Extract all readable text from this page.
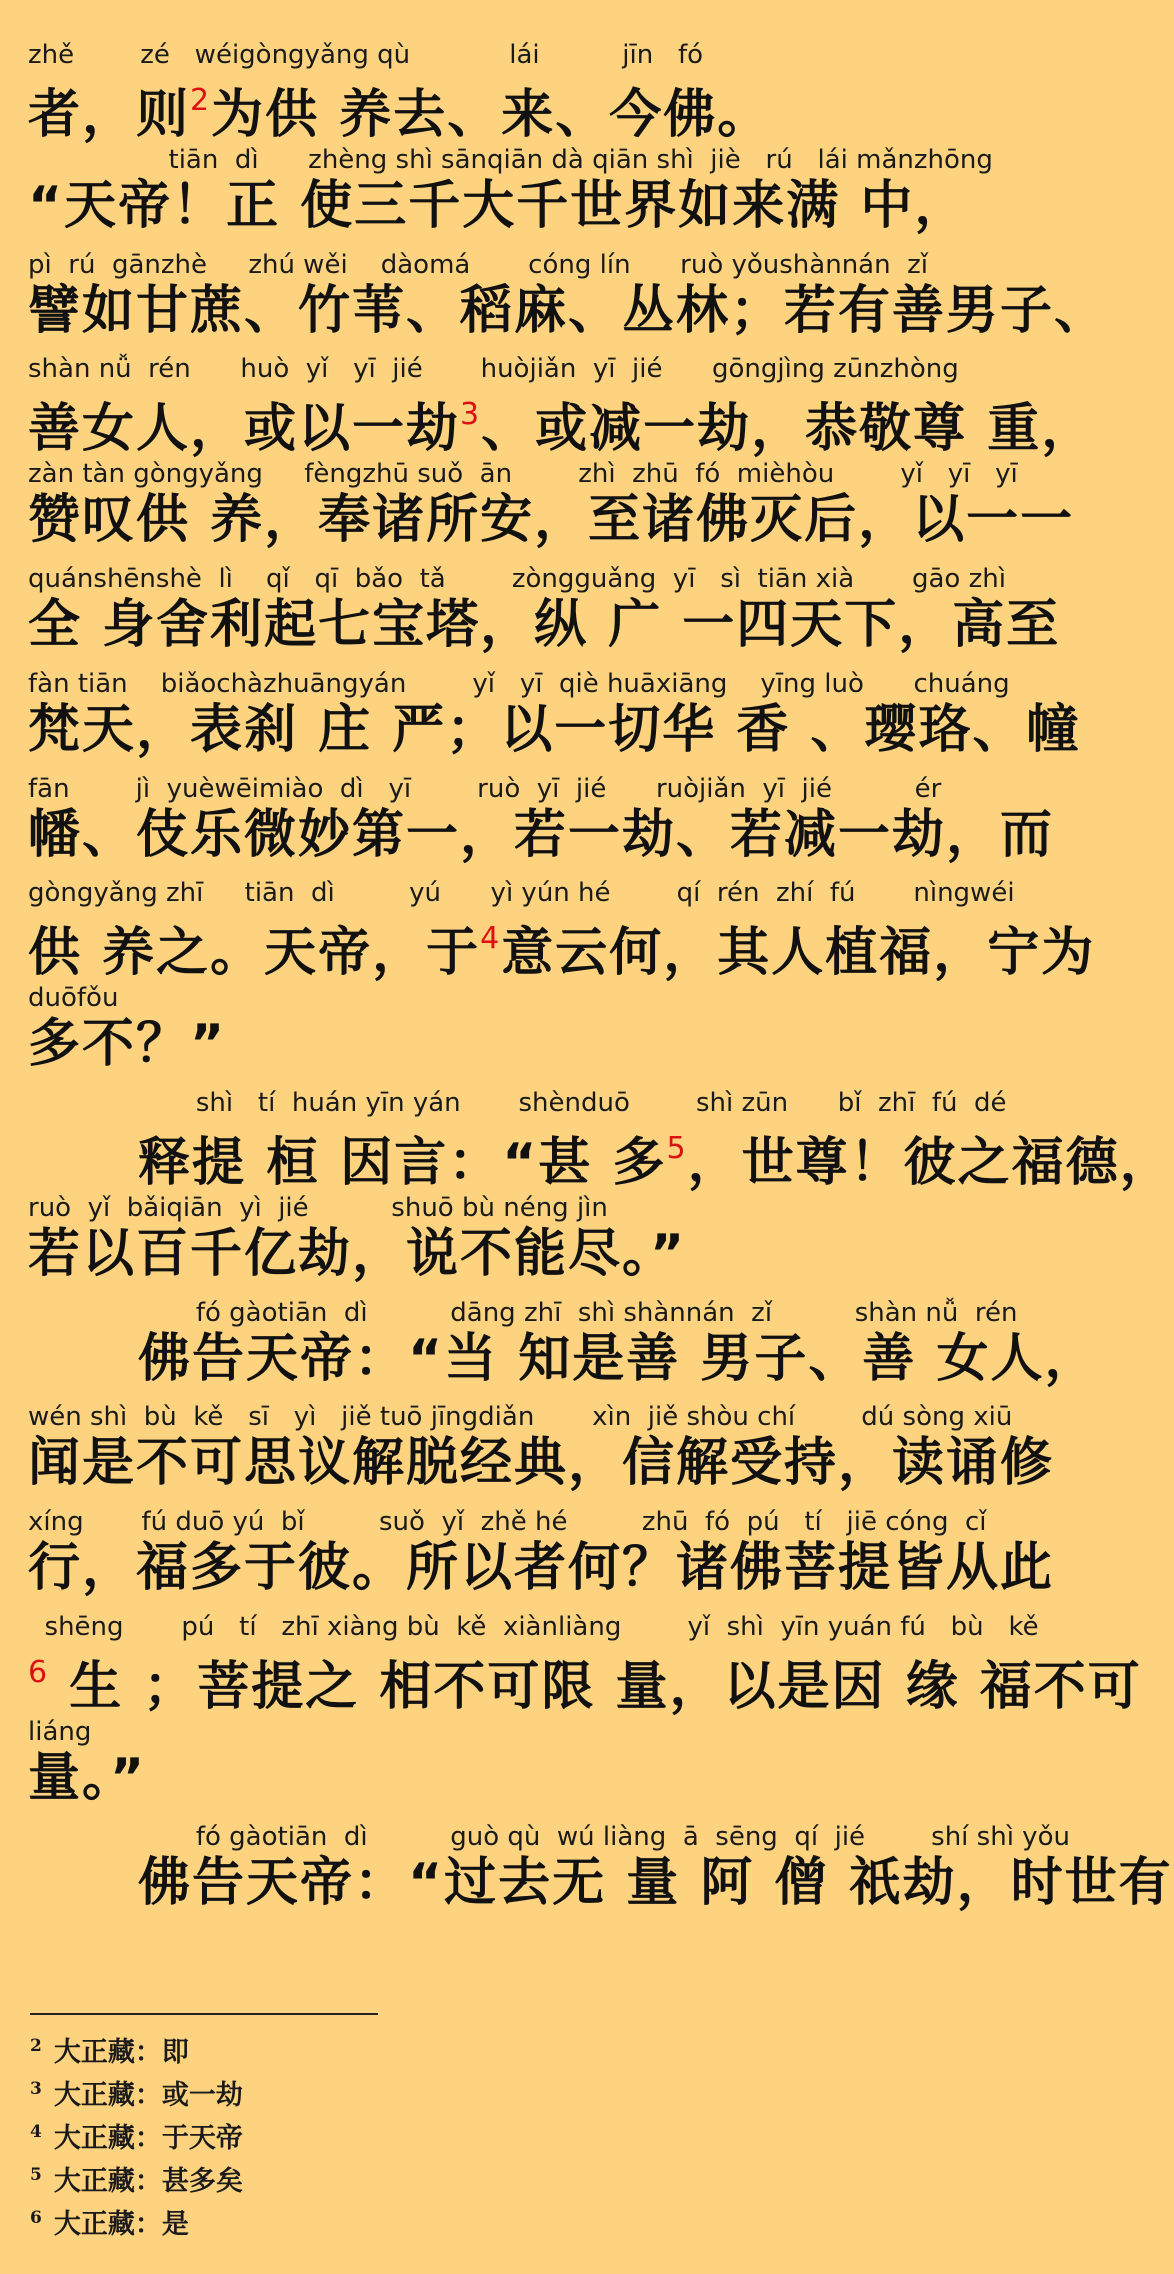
zhě        zé   wéigòngyǎng qù            lái          jīn   fó
者，则$^2$为供 养去、来、今佛。
tiān  dì      zhèng shì sānqiān dà qiān shì  jiè   rú   lái mǎnzhōng
“天帝！正 使三千大千世界如来满 中，
pì  rú  gānzhè     zhú wěi    dàomá       cóng lín      ruò yǒushànnán  zǐ
譬如甘蔗、竹苇、稻麻、丛林；若有善男子、
shàn nǚ  rén      huò  yǐ   yī  jié       huòjiǎn  yī  jié      gōngjìng zūnzhòng
善女人，或以一劫$^3$、或减一劫，恭敬尊 重，
zàn tàn gòngyǎng     fèngzhū suǒ  ān        zhì  zhū  fó  mièhòu        yǐ   yī   yī
赞叹供 养，奉诸所安，至诸佛灭后，以一一
quánshēnshè  lì    qǐ   qī  bǎo  tǎ        zòngguǎng  yī   sì  tiān xià       gāo zhì
全 身舍利起七宝塔，纵 广 一四天下，高至
fàn tiān    biǎochàzhuāngyán        yǐ   yī  qiè huāxiāng    yīng luò      chuáng
梵天，表刹 庄 严；以一切华 香 、璎珞、幢
fān        jì  yuèwēimiào  dì   yī        ruò  yī  jié      ruòjiǎn  yī  jié          ér
幡、伎乐微妙第一，若一劫、若减一劫，而
gòngyǎng zhī     tiān  dì         yú      yì yún hé        qí  rén  zhí  fú       nìngwéi
供 养之。天帝，于$^4$意云何，其人植福，宁为
duōfǒu
多不？”
shì   tí  huán yīn yán       shènduō        shì zūn      bǐ  zhī  fú  dé
释提 桓 因言：“甚 多$^5$，世尊！彼之福德，
ruò  yǐ  bǎiqiān  yì  jié          shuō bù néng jìn
若以百千亿劫，说不能尽。”
fó gàotiān  dì          dāng zhī  shì shànnán  zǐ          shàn nǚ  rén
佛告天帝：“当 知是善 男子、善 女人，
wén shì  bù  kě   sī   yì   jiě tuō jīngdiǎn       xìn  jiě shòu chí        dú sòng xiū
闻是不可思议解脱经典，信解受持，读诵修
xíng       fú duō yú  bǐ         suǒ  yǐ  zhě hé         zhū  fó  pú   tí   jiē cóng  cǐ
行，福多于彼。所以者何？诸佛菩提皆从此
shēng       pú   tí   zhī xiàng bù  kě  xiànliàng        yǐ  shì  yīn yuán fú   bù   kě
$^6$ 生 ；菩提之 相不可限 量，以是因 缘 福不可
liáng
量。”
fó gàotiān  dì          guò qù  wú liàng  ā  sēng  qí  jié        shí shì yǒu
佛告天帝：“过去无 量 阿 僧 祇劫，时世有
$^2$ 大正藏：即
$^3$ 大正藏：或一劫
$^4$ 大正藏：于天帝
$^5$ 大正藏：甚多矣
$^6$ 大正藏：是
